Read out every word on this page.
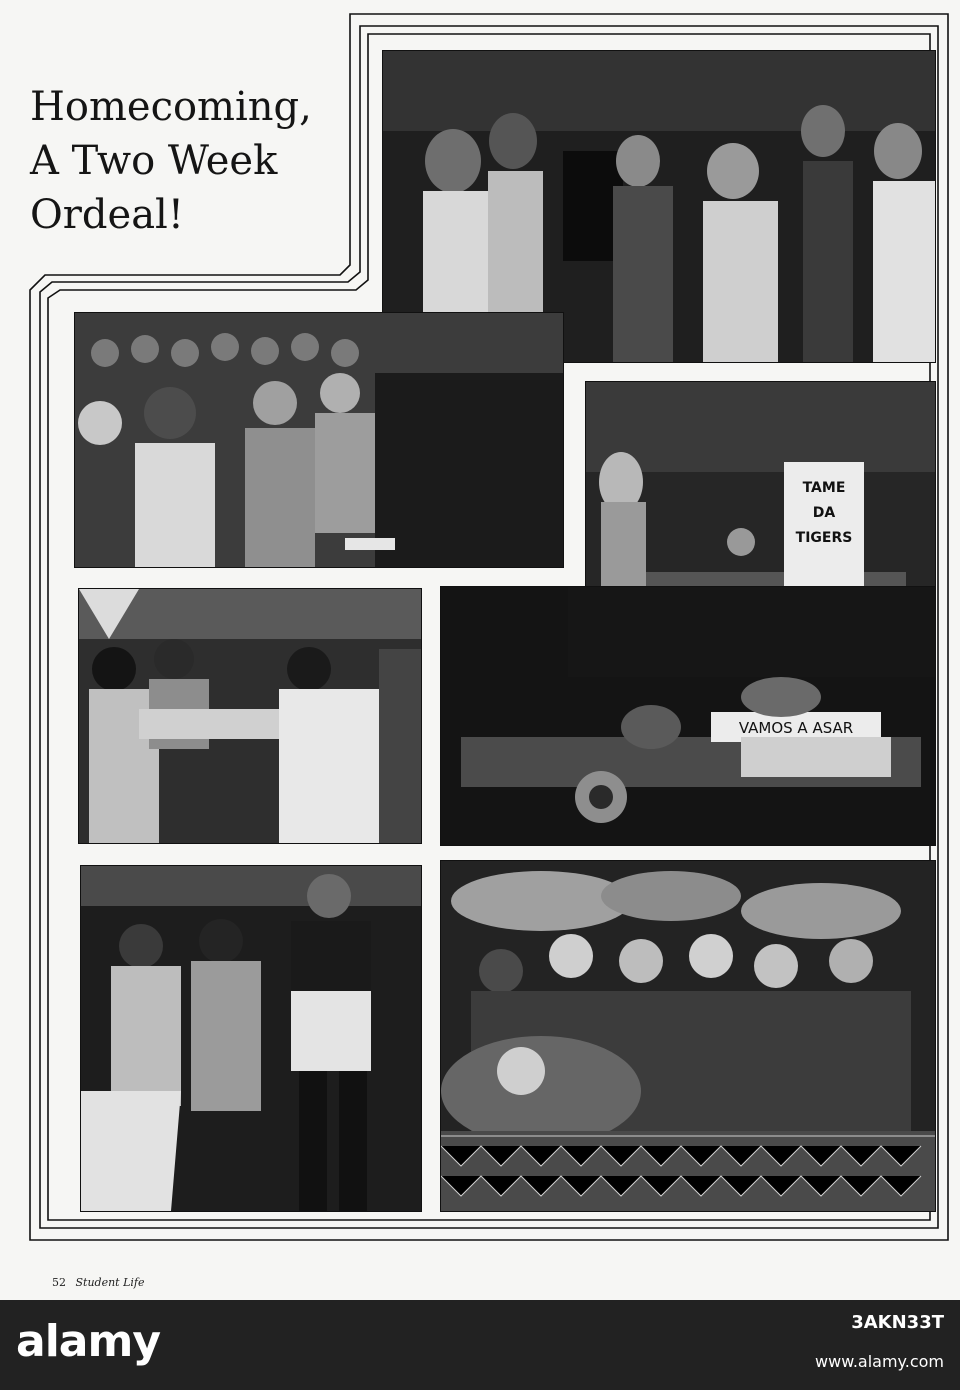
Homecoming,
A Two Week
Ordeal!
TAME
DA
TIGERS
VAMOS A ASAR
52 Student Life
alamy	3AKN33T
www.alamy.com
